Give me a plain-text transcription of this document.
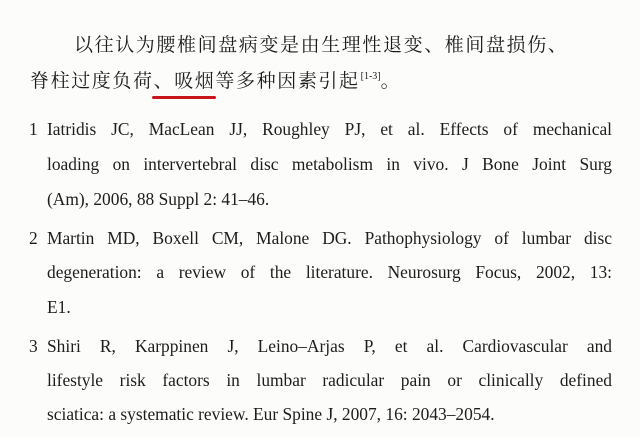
以往认为腰椎间盘病变是由生理性退变、椎间盘损伤、
脊柱过度负荷、吸烟等多种因素引起[1-3]。
1 Iatridis JC, MacLean JJ, Roughley PJ, et al. Effects of mechanical
loading on intervertebral disc metabolism in vivo. J Bone Joint Surg
(Am), 2006, 88 Suppl 2: 41–46.
2 Martin MD, Boxell CM, Malone DG. Pathophysiology of lumbar disc
degeneration: a review of the literature. Neurosurg Focus, 2002, 13:
E1.
3 Shiri R, Karppinen J, Leino–Arjas P, et al. Cardiovascular and
lifestyle risk factors in lumbar radicular pain or clinically defined
sciatica: a systematic review. Eur Spine J, 2007, 16: 2043–2054.
